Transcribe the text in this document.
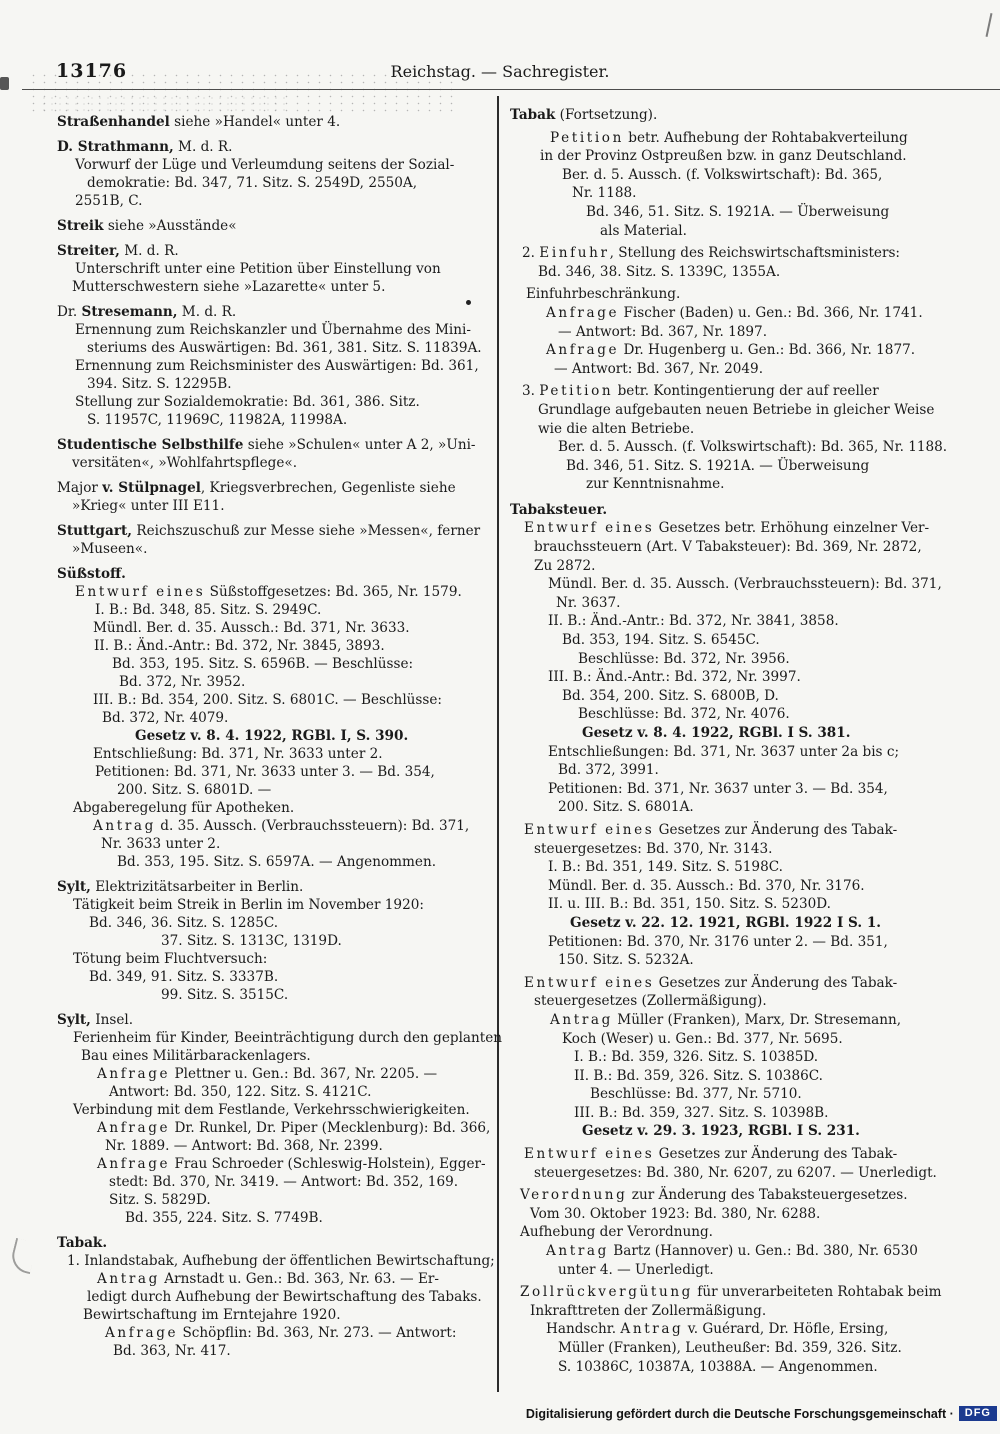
13176	Reichstag. — Sachregister.
Straßenhandel siehe »Handel« unter 4.
D. Strathmann, M. d. R.
Vorwurf der Lüge und Verleumdung seitens der Sozial-
demokratie: Bd. 347, 71. Sitz. S. 2549D, 2550A,
2551B, C.
Streik siehe »Ausstände«
Streiter, M. d. R.
Unterschrift unter eine Petition über Einstellung von
Mutterschwestern siehe »Lazarette« unter 5.
Dr. Stresemann, M. d. R.
Ernennung zum Reichskanzler und Übernahme des Mini-
steriums des Auswärtigen: Bd. 361, 381. Sitz. S. 11839A.
Ernennung zum Reichsminister des Auswärtigen: Bd. 361,
394. Sitz. S. 12295B.
Stellung zur Sozialdemokratie: Bd. 361, 386. Sitz.
S. 11957C, 11969C, 11982A, 11998A.
Studentische Selbsthilfe siehe »Schulen« unter A 2, »Uni-
versitäten«, »Wohlfahrtspflege«.
Major v. Stülpnagel, Kriegsverbrechen, Gegenliste siehe
»Krieg« unter III E11.
Stuttgart, Reichszuschuß zur Messe siehe »Messen«, ferner
»Museen«.
Süßstoff.
Entwurf eines Süßstoffgesetzes: Bd. 365, Nr. 1579.
I. B.: Bd. 348, 85. Sitz. S. 2949C.
Mündl. Ber. d. 35. Aussch.: Bd. 371, Nr. 3633.
II. B.: Änd.-Antr.: Bd. 372, Nr. 3845, 3893.
Bd. 353, 195. Sitz. S. 6596B. — Beschlüsse:
Bd. 372, Nr. 3952.
III. B.: Bd. 354, 200. Sitz. S. 6801C. — Beschlüsse:
Bd. 372, Nr. 4079.
Gesetz v. 8. 4. 1922, RGBl. I, S. 390.
Entschließung: Bd. 371, Nr. 3633 unter 2.
Petitionen: Bd. 371, Nr. 3633 unter 3. — Bd. 354,
200. Sitz. S. 6801D. —
Abgaberegelung für Apotheken.
Antrag d. 35. Aussch. (Verbrauchssteuern): Bd. 371,
Nr. 3633 unter 2.
Bd. 353, 195. Sitz. S. 6597A. — Angenommen.
Sylt, Elektrizitätsarbeiter in Berlin.
Tätigkeit beim Streik in Berlin im November 1920:
Bd. 346, 36. Sitz. S. 1285C.
37. Sitz. S. 1313C, 1319D.
Tötung beim Fluchtversuch:
Bd. 349, 91. Sitz. S. 3337B.
99. Sitz. S. 3515C.
Sylt, Insel.
Ferienheim für Kinder, Beeinträchtigung durch den geplanten
Bau eines Militärbarackenlagers.
Anfrage Plettner u. Gen.: Bd. 367, Nr. 2205. —
Antwort: Bd. 350, 122. Sitz. S. 4121C.
Verbindung mit dem Festlande, Verkehrsschwierigkeiten.
Anfrage Dr. Runkel, Dr. Piper (Mecklenburg): Bd. 366,
Nr. 1889. — Antwort: Bd. 368, Nr. 2399.
Anfrage Frau Schroeder (Schleswig-Holstein), Egger-
stedt: Bd. 370, Nr. 3419. — Antwort: Bd. 352, 169.
Sitz. S. 5829D.
Bd. 355, 224. Sitz. S. 7749B.
Tabak.
1. Inlandstabak, Aufhebung der öffentlichen Bewirtschaftung;
Antrag Arnstadt u. Gen.: Bd. 363, Nr. 63. — Er-
ledigt durch Aufhebung der Bewirtschaftung des Tabaks.
Bewirtschaftung im Erntejahre 1920.
Anfrage Schöpflin: Bd. 363, Nr. 273. — Antwort:
Bd. 363, Nr. 417.
Tabak (Fortsetzung).
Petition betr. Aufhebung der Rohtabakverteilung
in der Provinz Ostpreußen bzw. in ganz Deutschland.
Ber. d. 5. Aussch. (f. Volkswirtschaft): Bd. 365,
Nr. 1188.
Bd. 346, 51. Sitz. S. 1921A. — Überweisung
als Material.
2. Einfuhr, Stellung des Reichswirtschaftsministers:
Bd. 346, 38. Sitz. S. 1339C, 1355A.
Einfuhrbeschränkung.
Anfrage Fischer (Baden) u. Gen.: Bd. 366, Nr. 1741.
— Antwort: Bd. 367, Nr. 1897.
Anfrage Dr. Hugenberg u. Gen.: Bd. 366, Nr. 1877.
— Antwort: Bd. 367, Nr. 2049.
3. Petition betr. Kontingentierung der auf reeller
Grundlage aufgebauten neuen Betriebe in gleicher Weise
wie die alten Betriebe.
Ber. d. 5. Aussch. (f. Volkswirtschaft): Bd. 365, Nr. 1188.
Bd. 346, 51. Sitz. S. 1921A. — Überweisung
zur Kenntnisnahme.
Tabaksteuer.
Entwurf eines Gesetzes betr. Erhöhung einzelner Ver-
brauchssteuern (Art. V Tabaksteuer): Bd. 369, Nr. 2872,
Zu 2872.
Mündl. Ber. d. 35. Aussch. (Verbrauchssteuern): Bd. 371,
Nr. 3637.
II. B.: Änd.-Antr.: Bd. 372, Nr. 3841, 3858.
Bd. 353, 194. Sitz. S. 6545C.
Beschlüsse: Bd. 372, Nr. 3956.
III. B.: Änd.-Antr.: Bd. 372, Nr. 3997.
Bd. 354, 200. Sitz. S. 6800B, D.
Beschlüsse: Bd. 372, Nr. 4076.
Gesetz v. 8. 4. 1922, RGBl. I S. 381.
Entschließungen: Bd. 371, Nr. 3637 unter 2a bis c;
Bd. 372, 3991.
Petitionen: Bd. 371, Nr. 3637 unter 3. — Bd. 354,
200. Sitz. S. 6801A.
Entwurf eines Gesetzes zur Änderung des Tabak-
steuergesetzes: Bd. 370, Nr. 3143.
I. B.: Bd. 351, 149. Sitz. S. 5198C.
Mündl. Ber. d. 35. Aussch.: Bd. 370, Nr. 3176.
II. u. III. B.: Bd. 351, 150. Sitz. S. 5230D.
Gesetz v. 22. 12. 1921, RGBl. 1922 I S. 1.
Petitionen: Bd. 370, Nr. 3176 unter 2. — Bd. 351,
150. Sitz. S. 5232A.
Entwurf eines Gesetzes zur Änderung des Tabak-
steuergesetzes (Zollermäßigung).
Antrag Müller (Franken), Marx, Dr. Stresemann,
Koch (Weser) u. Gen.: Bd. 377, Nr. 5695.
I. B.: Bd. 359, 326. Sitz. S. 10385D.
II. B.: Bd. 359, 326. Sitz. S. 10386C.
Beschlüsse: Bd. 377, Nr. 5710.
III. B.: Bd. 359, 327. Sitz. S. 10398B.
Gesetz v. 29. 3. 1923, RGBl. I S. 231.
Entwurf eines Gesetzes zur Änderung des Tabak-
steuergesetzes: Bd. 380, Nr. 6207, zu 6207. — Unerledigt.
Verordnung zur Änderung des Tabaksteuergesetzes.
Vom 30. Oktober 1923: Bd. 380, Nr. 6288.
Aufhebung der Verordnung.
Antrag Bartz (Hannover) u. Gen.: Bd. 380, Nr. 6530
unter 4. — Unerledigt.
Zollrückvergütung für unverarbeiteten Rohtabak beim
Inkrafttreten der Zollermäßigung.
Handschr. Antrag v. Guérard, Dr. Höfle, Ersing,
Müller (Franken), Leutheußer: Bd. 359, 326. Sitz.
S. 10386C, 10387A, 10388A. — Angenommen.
Digitalisierung gefördert durch die Deutsche Forschungsgemeinschaft ·	DFG
